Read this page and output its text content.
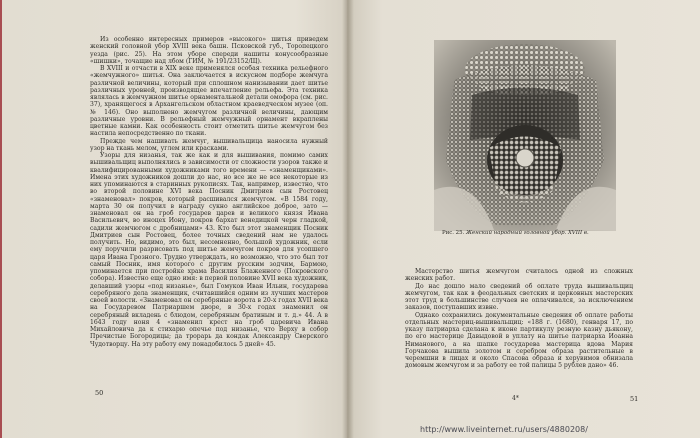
Из особенно интересных примеров «высокого» шитья приведем женский головной убор XVIII века башн. Псковской губ., Торопецкого уезда (рис. 25). На этом уборе спереди нашиты конусообразные «шишки», точащие над лбом (ГИМ, № 191/23152/Щ).

В XVIII и отчасти в XIX веке применялся особая техника рельефного «жемчужного» шитья. Она заключается в искусном подборе жемчуга различной величины, который при сплошном нанизывании дает шитье различных уровней, производящее впечатление рельефа. Эта техника являлась в жемчужном шитье орнаментальной детали омофора (см. рис. 37), хранящегося в Архангельском областном краеведческом музее (оп. № 146). Оно выполнено жемчугом различной величины, дающим различные уровни. В рельефный жемчужный орнамент вкраплены цветные камни. Как особенность стоит отметить шитье жемчугом без настила непосредственно по ткани.

Прежде чем нашивать жемчуг, вышивальщица наносила нужный узор на ткань мелом, углем или красками.

Узоры для низанья, так же как и для вышивания, помимо самих вышивальщиц выполнялись в зависимости от сложности узоров также и квалифицированными художниками того времени — «знаменщиками». Имена этих художников дошли до нас, но все же не все некоторые из них упоминаются в старинных рукописях. Так, например, известно, что во второй половине XVI века Посник Дмитриев сын Ростовец «знаменовал» покров, который расшивался жемчугом. «В 1584 году, марта 30 он получил в награду сукно английское доброе, зато — знаменовал он на гроб государев царев и великого князя Ивана Васильевич, во иноцех Иону, покров бархат венедицкой черн гладкой, садили жемчюгом с дробницами» 43. Кто был этот знаменщик Посник Дмитриев сын Ростовец, более точных сведений нам не удалось получить. Но, видимо, это был, несомненно, большой художник, если ему поручили разрисовать под шитье жемчугом покров для усопшего царя Ивана Грозного. Трудно утверждать, но возможно, что это был тот самый Посник, имя которого с другим русским зодчим, Бармою, упоминается при постройке храма Василия Блаженного (Покровского собора). Известно еще одно имя: в первой половине XVII века художник, делавший узоры «под низанье», был Гомуков Иван Ильин, государева серебряного дела знаменщик, считавшийся одним из лучших мастеров своей волости. «Знаменовал он серебряные ворота в 20-х годах XVII века на Государевом Патриаршем дворе, в 30-х годах знаменил он серебряный вкладень с блюдом, серебряным братиным и т. д.» 44. А в 1643 году ноня 4 «знаменил крест на гроб царевича Ивана Михайловича да к стихарю опечье под низанье, что Верху в собор Пречистые Богородицы; да трорарь да кондак Александру Сверского Чудотворцу. На эту работу ему понадобилось 5 дней» 45.

50
Рис. 25. Женский народный головной убор. XVIII в.

Мастерство шитья жемчугом считалось одной из сложных женских работ.

До нас дошло мало сведений об оплате труда вышивальщиц жемчугом, так как в феодальных светских и церковных мастерских этот труд в большинстве случаев не оплачивался, за исключением заказов, поступавших извне.

Однако сохранились документальные сведения об оплате работы отдельных мастериц-вышивальщиц: «188 г. (1680), генваря 17, по указу патриарха сделана к иконе партикулу резную казну дьякону, по его мастерице Давыдовой в уплату на шитье патриарха Иоанна Ниманового, а на шапке государева мастерица вдова Мария Горчакова вышила золотом и серебром образа растительные в черемшни в лицах и около Спасова образа и херувимов обнизала домовым жемчугом и за работу ее той палицы 5 рублев дано» 46.

4*	51
http://www.liveinternet.ru/users/4880208/
